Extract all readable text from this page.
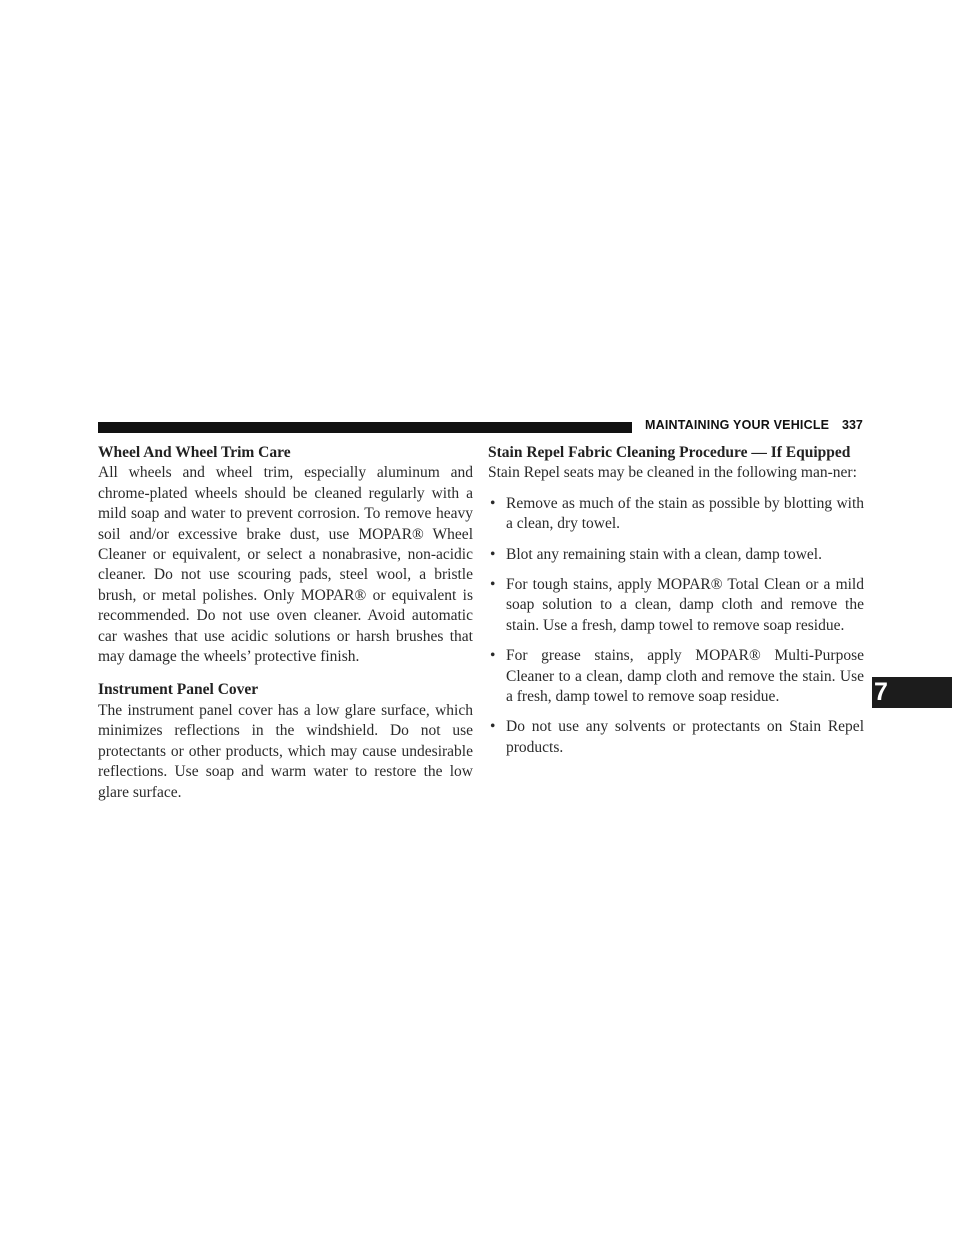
MAINTAINING YOUR VEHICLE 337
Wheel And Wheel Trim Care

All wheels and wheel trim, especially aluminum and chrome-plated wheels should be cleaned regularly with a mild soap and water to prevent corrosion. To remove heavy soil and/or excessive brake dust, use MOPAR® Wheel Cleaner or equivalent, or select a nonabrasive, non-acidic cleaner. Do not use scouring pads, steel wool, a bristle brush, or metal polishes. Only MOPAR® or equivalent is recommended. Do not use oven cleaner. Avoid automatic car washes that use acidic solutions or harsh brushes that may damage the wheels’ protective finish.

Instrument Panel Cover

The instrument panel cover has a low glare surface, which minimizes reflections in the windshield. Do not use protectants or other products, which may cause undesirable reflections. Use soap and warm water to restore the low glare surface.

Stain Repel Fabric Cleaning Procedure — If Equipped

Stain Repel seats may be cleaned in the following man-ner:

• Remove as much of the stain as possible by blotting with a clean, dry towel.
• Blot any remaining stain with a clean, damp towel.
• For tough stains, apply MOPAR® Total Clean or a mild soap solution to a clean, damp cloth and remove the stain. Use a fresh, damp towel to remove soap residue.
• For grease stains, apply MOPAR® Multi-Purpose Cleaner to a clean, damp cloth and remove the stain. Use a fresh, damp towel to remove soap residue.
• Do not use any solvents or protectants on Stain Repel products.
7
